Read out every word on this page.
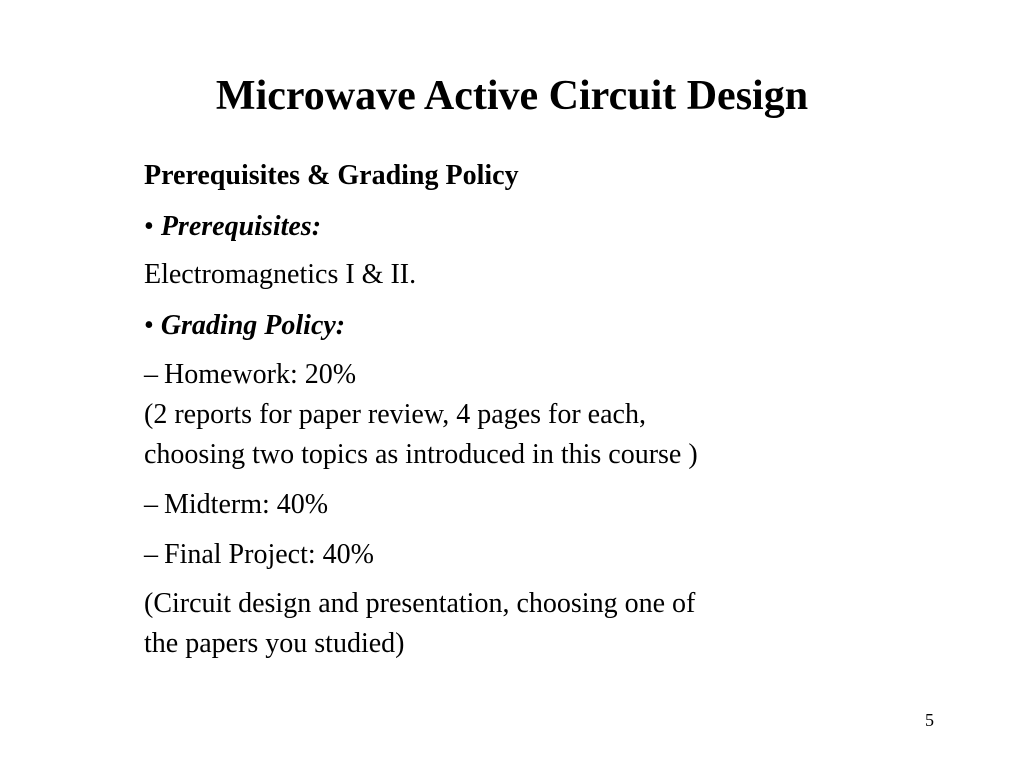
Microwave Active Circuit Design
Prerequisites & Grading Policy
• Prerequisites:
Electromagnetics I & II.
• Grading Policy:
– Homework: 20%
(2 reports for paper review, 4 pages for each,
choosing two topics as introduced in this course )
– Midterm: 40%
– Final Project: 40%
(Circuit design and presentation, choosing one of
the papers you studied)
5
